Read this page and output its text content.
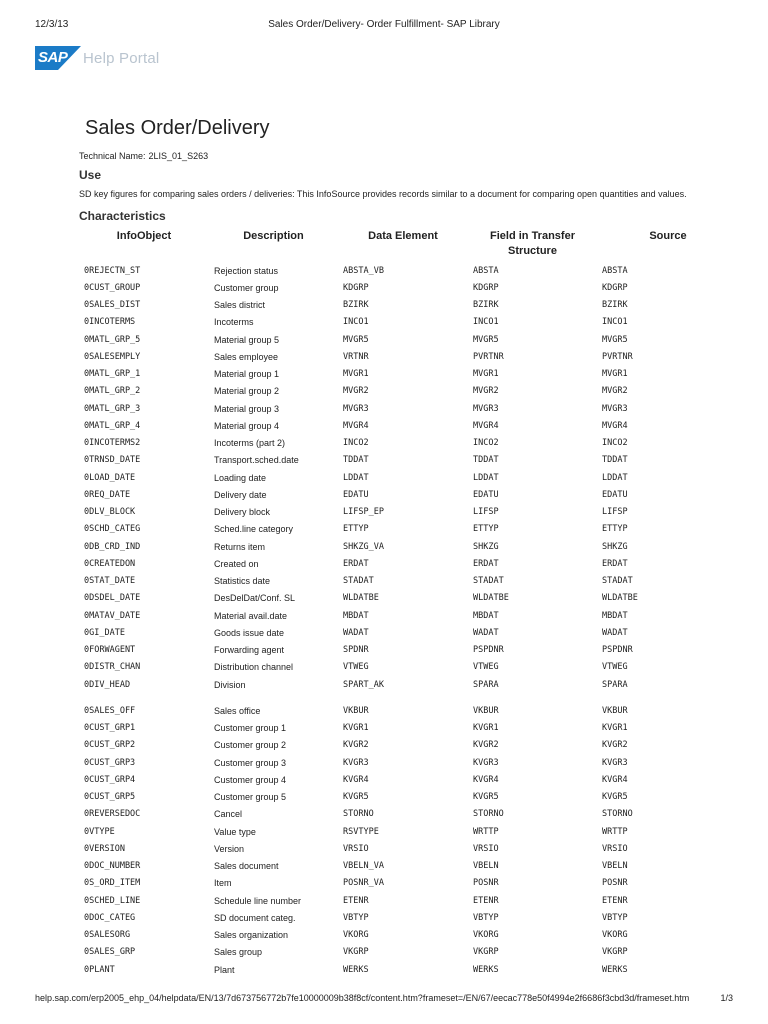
12/3/13	Sales Order/Delivery- Order Fulfillment- SAP Library
SAP Help Portal
Sales Order/Delivery
Technical Name: 2LIS_01_S263
Use
SD key figures for comparing sales orders / deliveries: This InfoSource provides records similar to a document for comparing open quantities and values.
Characteristics
InfoObject	Description	Data Element	Field in Transfer Structure	Source
0REJECTN_ST	Rejection status	ABSTA_VB	ABSTA	ABSTA
0CUST_GROUP	Customer group	KDGRP	KDGRP	KDGRP
0SALES_DIST	Sales district	BZIRK	BZIRK	BZIRK
0INCOTERMS	Incoterms	INCO1	INCO1	INCO1
0MATL_GRP_5	Material group 5	MVGR5	MVGR5	MVGR5
0SALESEMPLY	Sales employee	VRTNR	PVRTNR	PVRTNR
0MATL_GRP_1	Material group 1	MVGR1	MVGR1	MVGR1
0MATL_GRP_2	Material group 2	MVGR2	MVGR2	MVGR2
0MATL_GRP_3	Material group 3	MVGR3	MVGR3	MVGR3
0MATL_GRP_4	Material group 4	MVGR4	MVGR4	MVGR4
0INCOTERMS2	Incoterms (part 2)	INCO2	INCO2	INCO2
0TRNSD_DATE	Transport.sched.date	TDDAT	TDDAT	TDDAT
0LOAD_DATE	Loading date	LDDAT	LDDAT	LDDAT
0REQ_DATE	Delivery date	EDATU	EDATU	EDATU
0DLV_BLOCK	Delivery block	LIFSP_EP	LIFSP	LIFSP
0SCHD_CATEG	Sched.line category	ETTYP	ETTYP	ETTYP
0DB_CRD_IND	Returns item	SHKZG_VA	SHKZG	SHKZG
0CREATEDON	Created on	ERDAT	ERDAT	ERDAT
0STAT_DATE	Statistics date	STADAT	STADAT	STADAT
0DSDEL_DATE	DesDelDat/Conf. SL	WLDATBE	WLDATBE	WLDATBE
0MATAV_DATE	Material avail.date	MBDAT	MBDAT	MBDAT
0GI_DATE	Goods issue date	WADAT	WADAT	WADAT
0FORWAGENT	Forwarding agent	SPDNR	PSPDNR	PSPDNR
0DISTR_CHAN	Distribution channel	VTWEG	VTWEG	VTWEG
0DIV_HEAD	Division	SPART_AK	SPARA	SPARA

0SALES_OFF	Sales office	VKBUR	VKBUR	VKBUR
0CUST_GRP1	Customer group 1	KVGR1	KVGR1	KVGR1
0CUST_GRP2	Customer group 2	KVGR2	KVGR2	KVGR2
0CUST_GRP3	Customer group 3	KVGR3	KVGR3	KVGR3
0CUST_GRP4	Customer group 4	KVGR4	KVGR4	KVGR4
0CUST_GRP5	Customer group 5	KVGR5	KVGR5	KVGR5
0REVERSEDOC	Cancel	STORNO	STORNO	STORNO
0VTYPE	Value type	RSVTYPE	WRTTP	WRTTP
0VERSION	Version	VRSIO	VRSIO	VRSIO
0DOC_NUMBER	Sales document	VBELN_VA	VBELN	VBELN
0S_ORD_ITEM	Item	POSNR_VA	POSNR	POSNR
0SCHED_LINE	Schedule line number	ETENR	ETENR	ETENR
0DOC_CATEG	SD document categ.	VBTYP	VBTYP	VBTYP
0SALESORG	Sales organization	VKORG	VKORG	VKORG
0SALES_GRP	Sales group	VKGRP	VKGRP	VKGRP
0PLANT	Plant	WERKS	WERKS	WERKS
help.sap.com/erp2005_ehp_04/helpdata/EN/13/7d673756772b7fe10000009b38f8cf/content.htm?frameset=/EN/67/eecac778e50f4994e2f6686f3cbd3d/frameset.htm	1/3
